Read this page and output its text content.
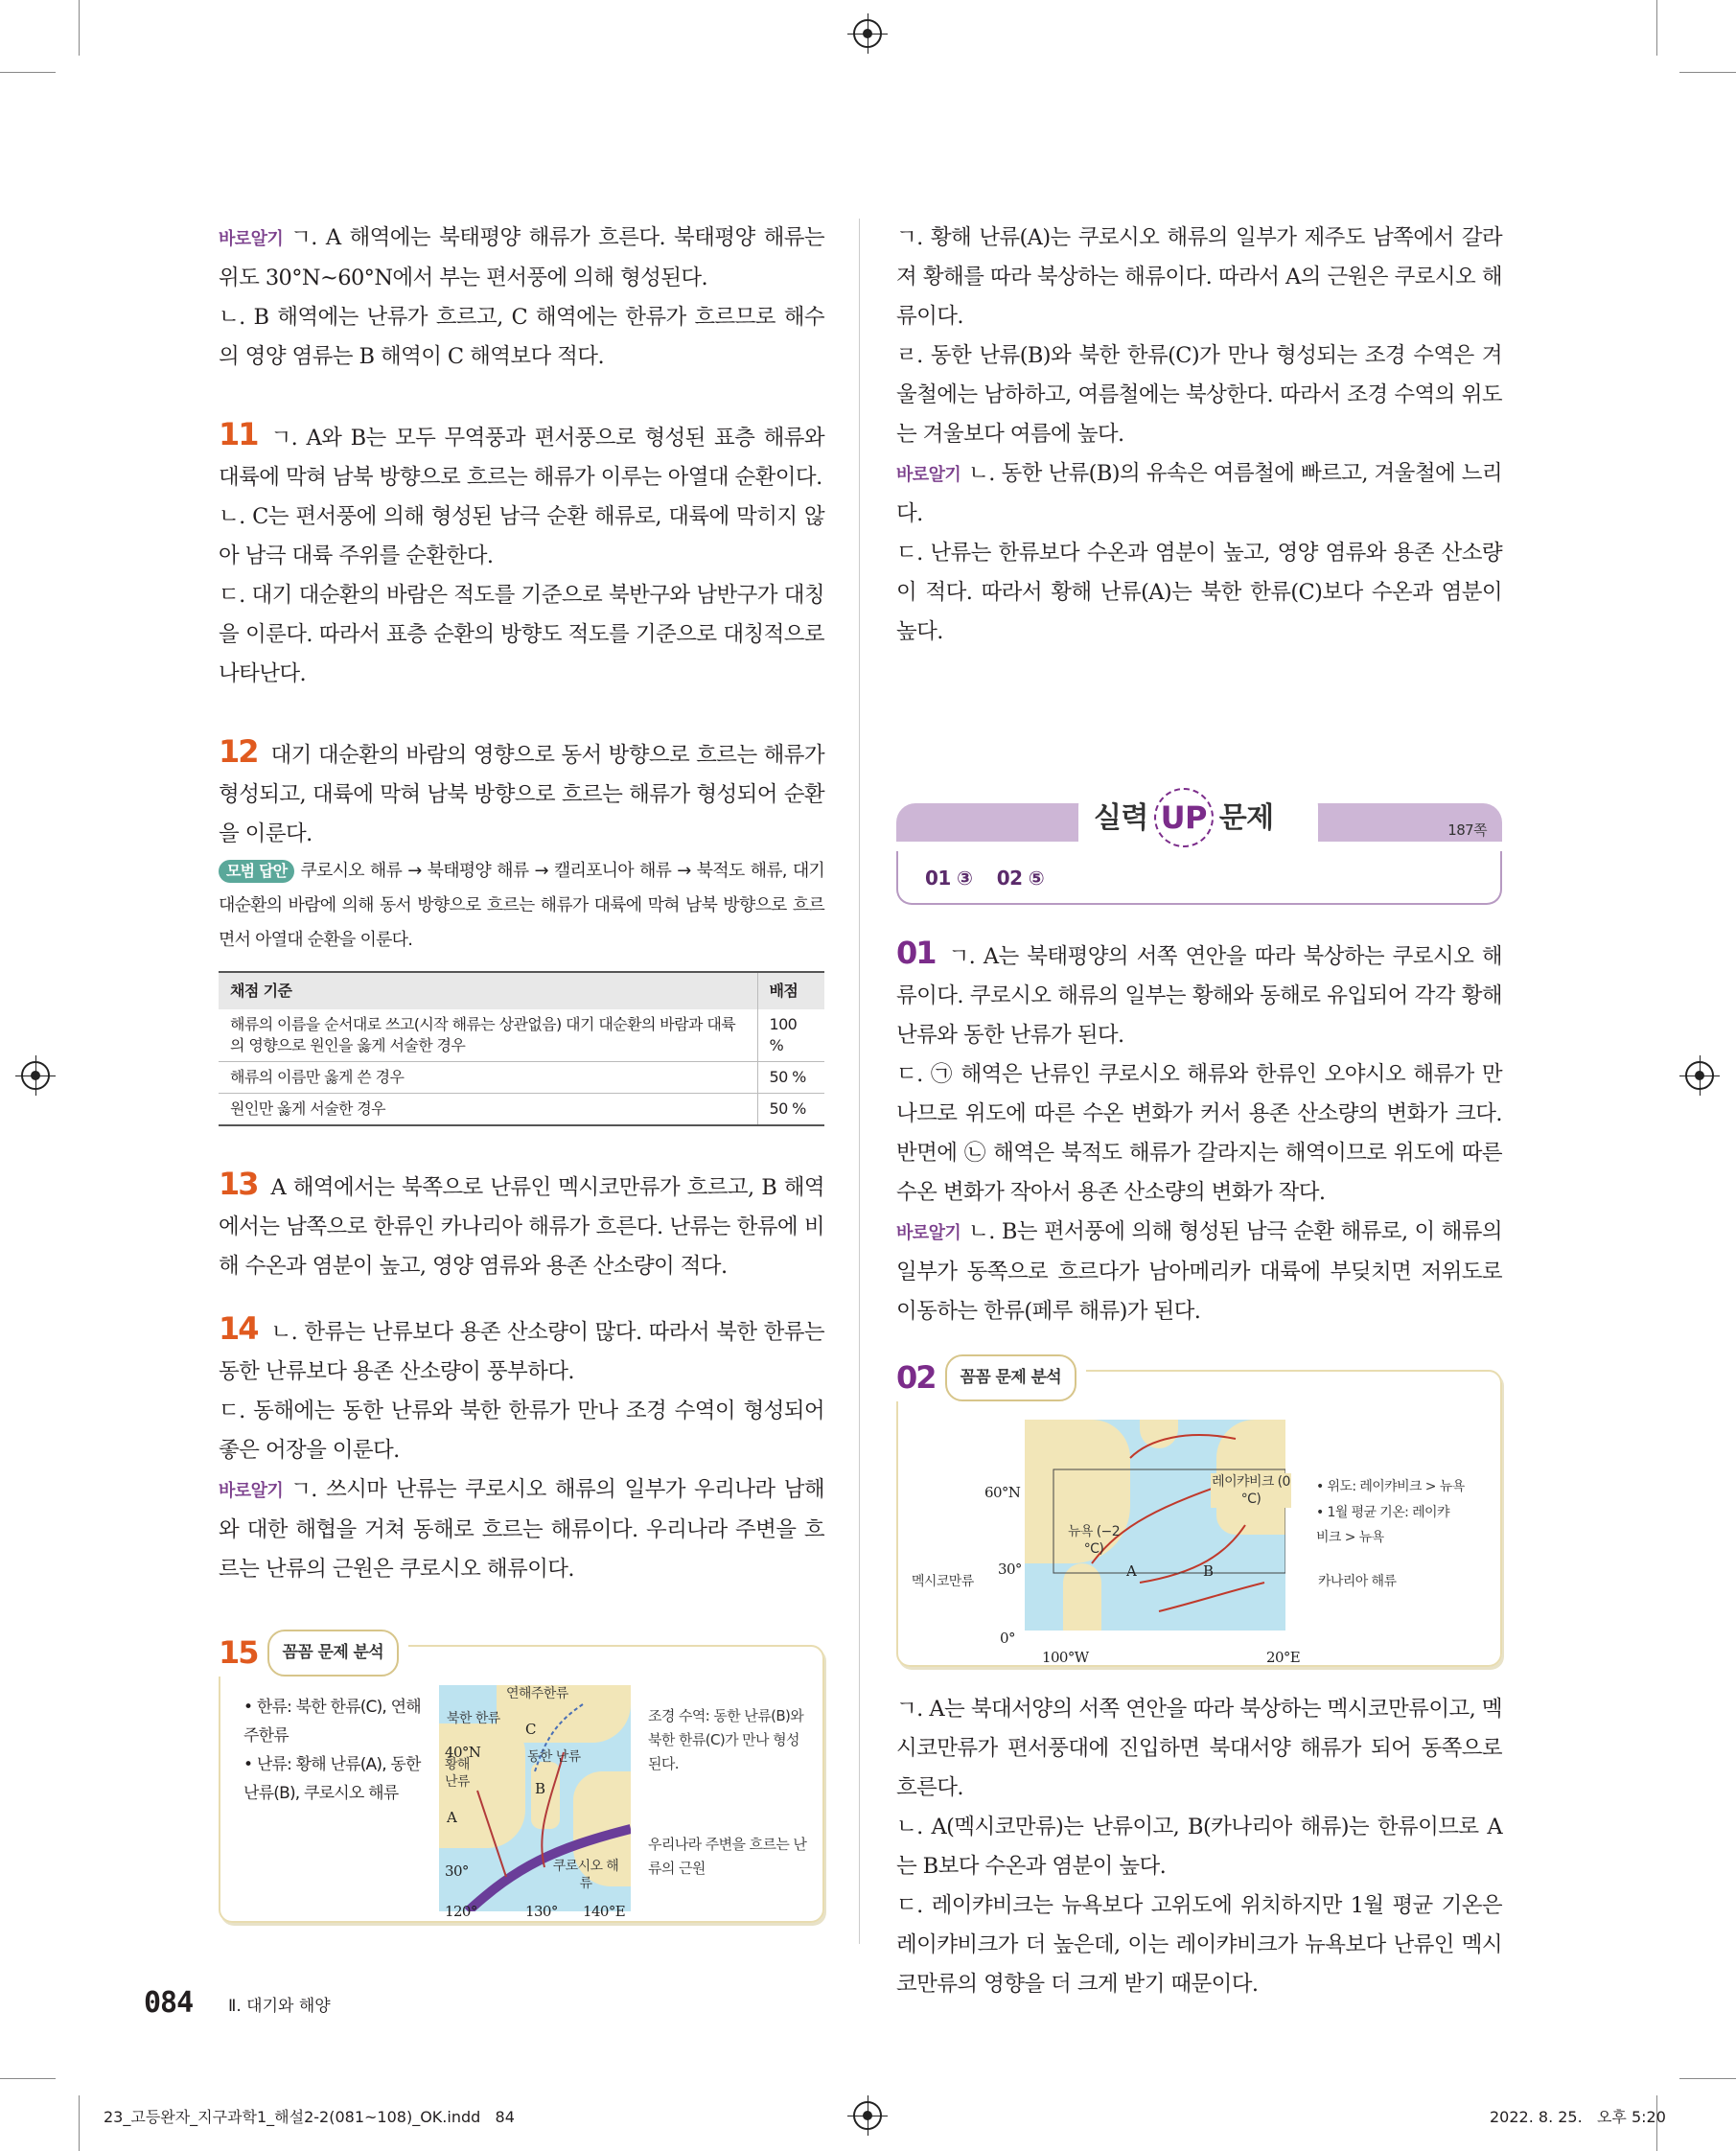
바로알기 ㄱ. A 해역에는 북태평양 해류가 흐른다. 북태평양 해류는 위도 30°N~60°N에서 부는 편서풍에 의해 형성된다.
ㄴ. B 해역에는 난류가 흐르고, C 해역에는 한류가 흐르므로 해수의 영양 염류는 B 해역이 C 해역보다 적다.
11 ㄱ. A와 B는 모두 무역풍과 편서풍으로 형성된 표층 해류와 대륙에 막혀 남북 방향으로 흐르는 해류가 이루는 아열대 순환이다.
ㄴ. C는 편서풍에 의해 형성된 남극 순환 해류로, 대륙에 막히지 않아 남극 대륙 주위를 순환한다.
ㄷ. 대기 대순환의 바람은 적도를 기준으로 북반구와 남반구가 대칭을 이룬다. 따라서 표층 순환의 방향도 적도를 기준으로 대칭적으로 나타난다.
12 대기 대순환의 바람의 영향으로 동서 방향으로 흐르는 해류가 형성되고, 대륙에 막혀 남북 방향으로 흐르는 해류가 형성되어 순환을 이룬다.
모범 답안 쿠로시오 해류 → 북태평양 해류 → 캘리포니아 해류 → 북적도 해류, 대기 대순환의 바람에 의해 동서 방향으로 흐르는 해류가 대륙에 막혀 남북 방향으로 흐르면서 아열대 순환을 이룬다.
채점 기준	배점
해류의 이름을 순서대로 쓰고(시작 해류는 상관없음) 대기 대순환의 바람과 대륙의 영향으로 원인을 옳게 서술한 경우	100 %
해류의 이름만 옳게 쓴 경우	50 %
원인만 옳게 서술한 경우	50 %
13 A 해역에서는 북쪽으로 난류인 멕시코만류가 흐르고, B 해역에서는 남쪽으로 한류인 카나리아 해류가 흐른다. 난류는 한류에 비해 수온과 염분이 높고, 영양 염류와 용존 산소량이 적다.
14 ㄴ. 한류는 난류보다 용존 산소량이 많다. 따라서 북한 한류는 동한 난류보다 용존 산소량이 풍부하다.
ㄷ. 동해에는 동한 난류와 북한 한류가 만나 조경 수역이 형성되어 좋은 어장을 이룬다.
바로알기 ㄱ. 쓰시마 난류는 쿠로시오 해류의 일부가 우리나라 남해와 대한 해협을 거쳐 동해로 흐르는 해류이다. 우리나라 주변을 흐르는 난류의 근원은 쿠로시오 해류이다.
15	꼼꼼 문제 분석
• 한류: 북한 한류(C), 연해주한류
• 난류: 황해 난류(A), 동한 난류(B), 쿠로시오 해류
연해주한류
북한 한류
C
40°N
황해 난류
A
동한 난류
B
30°	쿠로시오 해류
120°	130° 140°E
조경 수역: 동한 난류(B)와 북한 한류(C)가 만나 형성된다.
우리나라 주변을 흐르는 난류의 근원
ㄱ. 황해 난류(A)는 쿠로시오 해류의 일부가 제주도 남쪽에서 갈라져 황해를 따라 북상하는 해류이다. 따라서 A의 근원은 쿠로시오 해류이다.
ㄹ. 동한 난류(B)와 북한 한류(C)가 만나 형성되는 조경 수역은 겨울철에는 남하하고, 여름철에는 북상한다. 따라서 조경 수역의 위도는 겨울보다 여름에 높다.
바로알기 ㄴ. 동한 난류(B)의 유속은 여름철에 빠르고, 겨울철에 느리다.
ㄷ. 난류는 한류보다 수온과 염분이 높고, 영양 염류와 용존 산소량이 적다. 따라서 황해 난류(A)는 북한 한류(C)보다 수온과 염분이 높다.
실력 UP 문제	187쪽
01 ③    02 ⑤
01 ㄱ. A는 북태평양의 서쪽 연안을 따라 북상하는 쿠로시오 해류이다. 쿠로시오 해류의 일부는 황해와 동해로 유입되어 각각 황해 난류와 동한 난류가 된다.
ㄷ. ㉠ 해역은 난류인 쿠로시오 해류와 한류인 오야시오 해류가 만나므로 위도에 따른 수온 변화가 커서 용존 산소량의 변화가 크다. 반면에 ㉡ 해역은 북적도 해류가 갈라지는 해역이므로 위도에 따른 수온 변화가 작아서 용존 산소량의 변화가 작다.
바로알기 ㄴ. B는 편서풍에 의해 형성된 남극 순환 해류로, 이 해류의 일부가 동쪽으로 흐르다가 남아메리카 대륙에 부딪치면 저위도로 이동하는 한류(페루 해류)가 된다.
02	꼼꼼 문제 분석
60°N
레이캬비크 (0 °C)
뉴욕 (−2 °C)
30°	A	B
0°
100°W	20°E
멕시코만류	카나리아 해류
• 위도: 레이캬비크 > 뉴욕
• 1월 평균 기온: 레이캬비크 > 뉴욕
ㄱ. A는 북대서양의 서쪽 연안을 따라 북상하는 멕시코만류이고, 멕시코만류가 편서풍대에 진입하면 북대서양 해류가 되어 동쪽으로 흐른다.
ㄴ. A(멕시코만류)는 난류이고, B(카나리아 해류)는 한류이므로 A는 B보다 수온과 염분이 높다.
ㄷ. 레이캬비크는 뉴욕보다 고위도에 위치하지만 1월 평균 기온은 레이캬비크가 더 높은데, 이는 레이캬비크가 뉴욕보다 난류인 멕시코만류의 영향을 더 크게 받기 때문이다.
084 Ⅱ. 대기와 해양
23_고등완자_지구과학1_해설2-2(081~108)_OK.indd   84	2022. 8. 25.   오후 5:20
